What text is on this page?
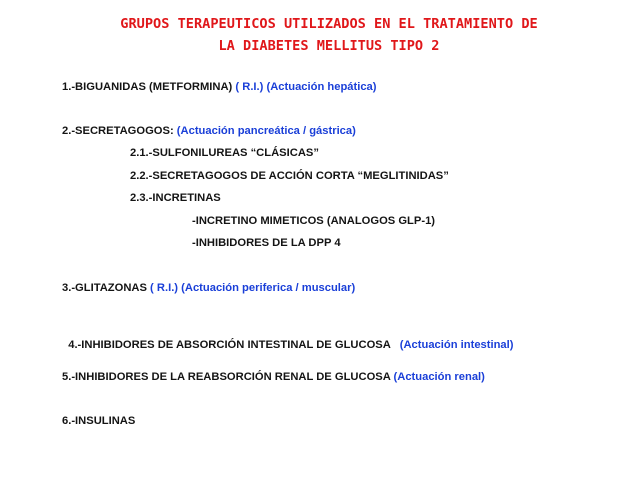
GRUPOS TERAPEUTICOS UTILIZADOS EN EL TRATAMIENTO DE
LA DIABETES MELLITUS TIPO 2
1.-BIGUANIDAS (METFORMINA) ( R.I.) (Actuación hepática)
2.-SECRETAGOGOS: (Actuación pancreática / gástrica)
2.1.-SULFONILUREAS “CLÁSICAS”
2.2.-SECRETAGOGOS DE ACCIÓN CORTA “MEGLITINIDAS”
2.3.-INCRETINAS
-INCRETINO MIMETICOS (ANALOGOS GLP-1)
-INHIBIDORES DE LA DPP 4
3.-GLITAZONAS ( R.I.) (Actuación periferica / muscular)

4.-INHIBIDORES DE ABSORCIÓN INTESTINAL DE GLUCOSA   (Actuación intestinal)

5.-INHIBIDORES DE LA REABSORCIÓN RENAL DE GLUCOSA (Actuación renal)
6.-INSULINAS
